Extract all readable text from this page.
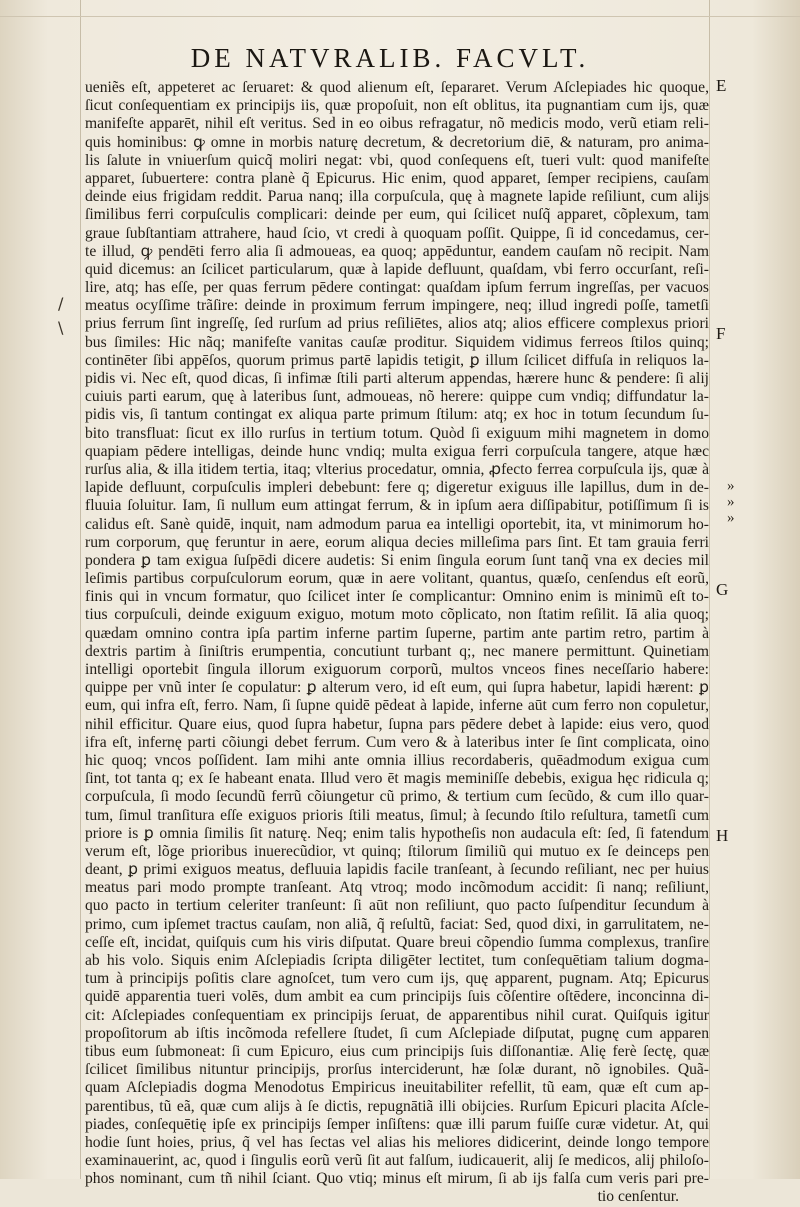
DE NATVRALIB. FACVLT.
ueniẽs eſt, appeteret ac ſeruaret: & quod alienum eſt, ſepararet. Verum Aſclepiades hic quoque,
ſicut conſequentiam ex principijs iis, quæ propoſuit, non eſt oblitus, ita pugnantiam cum ijs, quæ
manifeſte apparēt, nihil eſt veritus. Sed in eo oibus refragatur, nõ medicis modo, verũ etiam reli-
quis hominibus: ꝙ omne in morbis naturę decretum, & decretorium diē, & naturam, pro anima-
lis ſalute in vniuerſum quicq̃ moliri negat: vbi, quod conſequens eſt, tueri vult: quod manifeſte
apparet, ſubuertere: contra planè q̃ Epicurus. Hic enim, quod apparet, ſemper recipiens, cauſam
deinde eius frigidam reddit. Parua nanq; illa corpuſcula, quę à magnete lapide reſiliunt, cum alijs
ſimilibus ferri corpuſculis complicari: deinde per eum, qui ſcilicet nuſq̃ apparet, cõplexum, tam
graue ſubſtantiam attrahere, haud ſcio, vt credi à quoquam poſſit. Quippe, ſi id concedamus, cer-
te illud, ꝙ pendēti ferro alia ſi admoueas, ea quoq; appēduntur, eandem cauſam nõ recipit. Nam
quid dicemus: an ſcilicet particularum, quæ à lapide defluunt, quaſdam, vbi ferro occurſant, reſi-
lire, atq; has eſſe, per quas ferrum pēdere contingat: quaſdam ipſum ferrum ingreſſas, per vacuos
meatus ocyſſime trãſire: deinde in proximum ferrum impingere, neq; illud ingredi poſſe, tametſi
prius ferrum ſint ingreſſę, ſed rurſum ad prius reſiliētes, alios atq; alios efficere complexus priori
bus ſimiles: Hic nãq; manifeſte vanitas cauſæ proditur. Siquidem vidimus ferreos ſtilos quinq;
continēter ſibi appēſos, quorum primus partē lapidis tetigit, ꝑ illum ſcilicet diffuſa in reliquos la-
pidis vi. Nec eſt, quod dicas, ſi infimæ ſtili parti alterum appendas, hærere hunc & pendere: ſi alij
cuiuis parti earum, quę à lateribus ſunt, admoueas, nõ herere: quippe cum vndiq; diffundatur la-
pidis vis, ſi tantum contingat ex aliqua parte primum ſtilum: atq; ex hoc in totum ſecundum ſu-
bito transfluat: ſicut ex illo rurſus in tertium totum. Quòd ſi exiguum mihi magnetem in domo
quapiam pēdere intelligas, deinde hunc vndiq; multa exigua ferri corpuſcula tangere, atque hæc
rurſus alia, & illa itidem tertia, itaq; vlterius procedatur, omnia, ꝓfecto ferrea corpuſcula ijs, quæ à
lapide defluunt, corpuſculis impleri debebunt: fere q; digeretur exiguus ille lapillus, dum in de-
fluuia ſoluitur. Iam, ſi nullum eum attingat ferrum, & in ipſum aera diſſipabitur, potiſſimum ſi is
calidus eſt. Sanè quidē, inquit, nam admodum parua ea intelligi oportebit, ita, vt minimorum ho-
rum corporum, quę feruntur in aere, eorum aliqua decies milleſima pars ſint. Et tam grauia ferri
pondera ꝑ tam exigua ſuſpēdi dicere audetis: Si enim ſingula eorum ſunt tanq̃ vna ex decies mil
leſimis partibus corpuſculorum eorum, quæ in aere volitant, quantus, quæſo, cenſendus eſt eorũ,
finis qui in vncum formatur, quo ſcilicet inter ſe complicantur: Omnino enim is minimũ eſt to-
tius corpuſculi, deinde exiguum exiguo, motum moto cõplicato, non ſtatim reſilit. Iā alia quoq;
quædam omnino contra ipſa partim inferne partim ſuperne, partim ante partim retro, partim à
dextris partim à ſiniſtris erumpentia, concutiunt turbant q;, nec manere permittunt. Quinetiam
intelligi oportebit ſingula illorum exiguorum corporũ, multos vnceos fines neceſſario habere:
quippe per vnũ inter ſe copulatur: ꝑ alterum vero, id eſt eum, qui ſupra habetur, lapidi hærent: ꝑ
eum, qui infra eſt, ferro. Nam, ſi ſupne quidē pēdeat à lapide, inferne aūt cum ferro non copuletur,
nihil efficitur. Quare eius, quod ſupra habetur, ſupna pars pēdere debet à lapide: eius vero, quod
ifra eſt, infernę parti cõiungi debet ferrum. Cum vero & à lateribus inter ſe ſint complicata, oino
hic quoq; vncos poſſident. Iam mihi ante omnia illius recordaberis, quēadmodum exigua cum
ſint, tot tanta q; ex ſe habeant enata. Illud vero ēt magis meminiſſe debebis, exigua hęc ridicula q;
corpuſcula, ſi modo ſecundũ ferrũ cõiungetur cũ primo, & tertium cum ſecũdo, & cum illo quar-
tum, ſimul tranſitura eſſe exiguos prioris ſtili meatus, ſimul; à ſecundo ſtilo reſultura, tametſi cum
priore is ꝑ omnia ſimilis ſit naturę. Neq; enim talis hypotheſis non audacula eſt: ſed, ſi fatendum
verum eſt, lõge prioribus inuerecũdior, vt quinq; ſtilorum ſimiliũ qui mutuo ex ſe deinceps pen
deant, ꝑ primi exiguos meatus, defluuia lapidis facile tranſeant, à ſecundo reſiliant, nec per huius
meatus pari modo prompte tranſeant. Atq vtroq; modo incõmodum accidit: ſi nanq; reſiliunt,
quo pacto in tertium celeriter tranſeunt: ſi aūt non reſiliunt, quo pacto ſuſpenditur ſecundum à
primo, cum ipſemet tractus cauſam, non aliã, q̃ reſultũ, faciat: Sed, quod dixi, in garrulitatem, ne-
ceſſe eſt, incidat, quiſquis cum his viris diſputat. Quare breui cõpendio ſumma complexus, tranſire
ab his volo. Siquis enim Aſclepiadis ſcripta diligēter lectitet, tum conſequētiam talium dogma-
tum à principijs poſitis clare agnoſcet, tum vero cum ijs, quę apparent, pugnam. Atq; Epicurus
quidē apparentia tueri volēs, dum ambit ea cum principijs ſuis cõſentire oſtēdere, inconcinna di-
cit: Aſclepiades conſequentiam ex principijs ſeruat, de apparentibus nihil curat. Quiſquis igitur
propoſitorum ab iſtis incõmoda refellere ſtudet, ſi cum Aſclepiade diſputat, pugnę cum apparen
tibus eum ſubmoneat: ſi cum Epicuro, eius cum principijs ſuis diſſonantiæ. Alię ferè ſectę, quæ
ſcilicet ſimilibus nituntur principijs, prorſus interciderunt, hæ ſolæ durant, nõ ignobiles. Quã-
quam Aſclepiadis dogma Menodotus Empiricus ineuitabiliter refellit, tũ eam, quæ eſt cum ap-
parentibus, tũ eã, quæ cum alijs à ſe dictis, repugnātiã illi obijcies. Rurſum Epicuri placita Aſcle-
piades, conſequētię ipſe ex principijs ſemper inſiſtens: quæ illi parum fuiſſe curæ videtur. At, qui
hodie ſunt hoies, prius, q̃ vel has ſectas vel alias his meliores didicerint, deinde longo tempore
examinauerint, ac, quod i ſingulis eorũ verũ ſit aut falſum, iudicauerit, alij ſe medicos, alij philoſo-
phos nominant, cum tñ nihil ſciant. Quo vtiq; minus eſt mirum, ſi ab ijs falſa cum veris pari pre-
tio cenſentur.
E
F
G
H
»
»
»
/
\
